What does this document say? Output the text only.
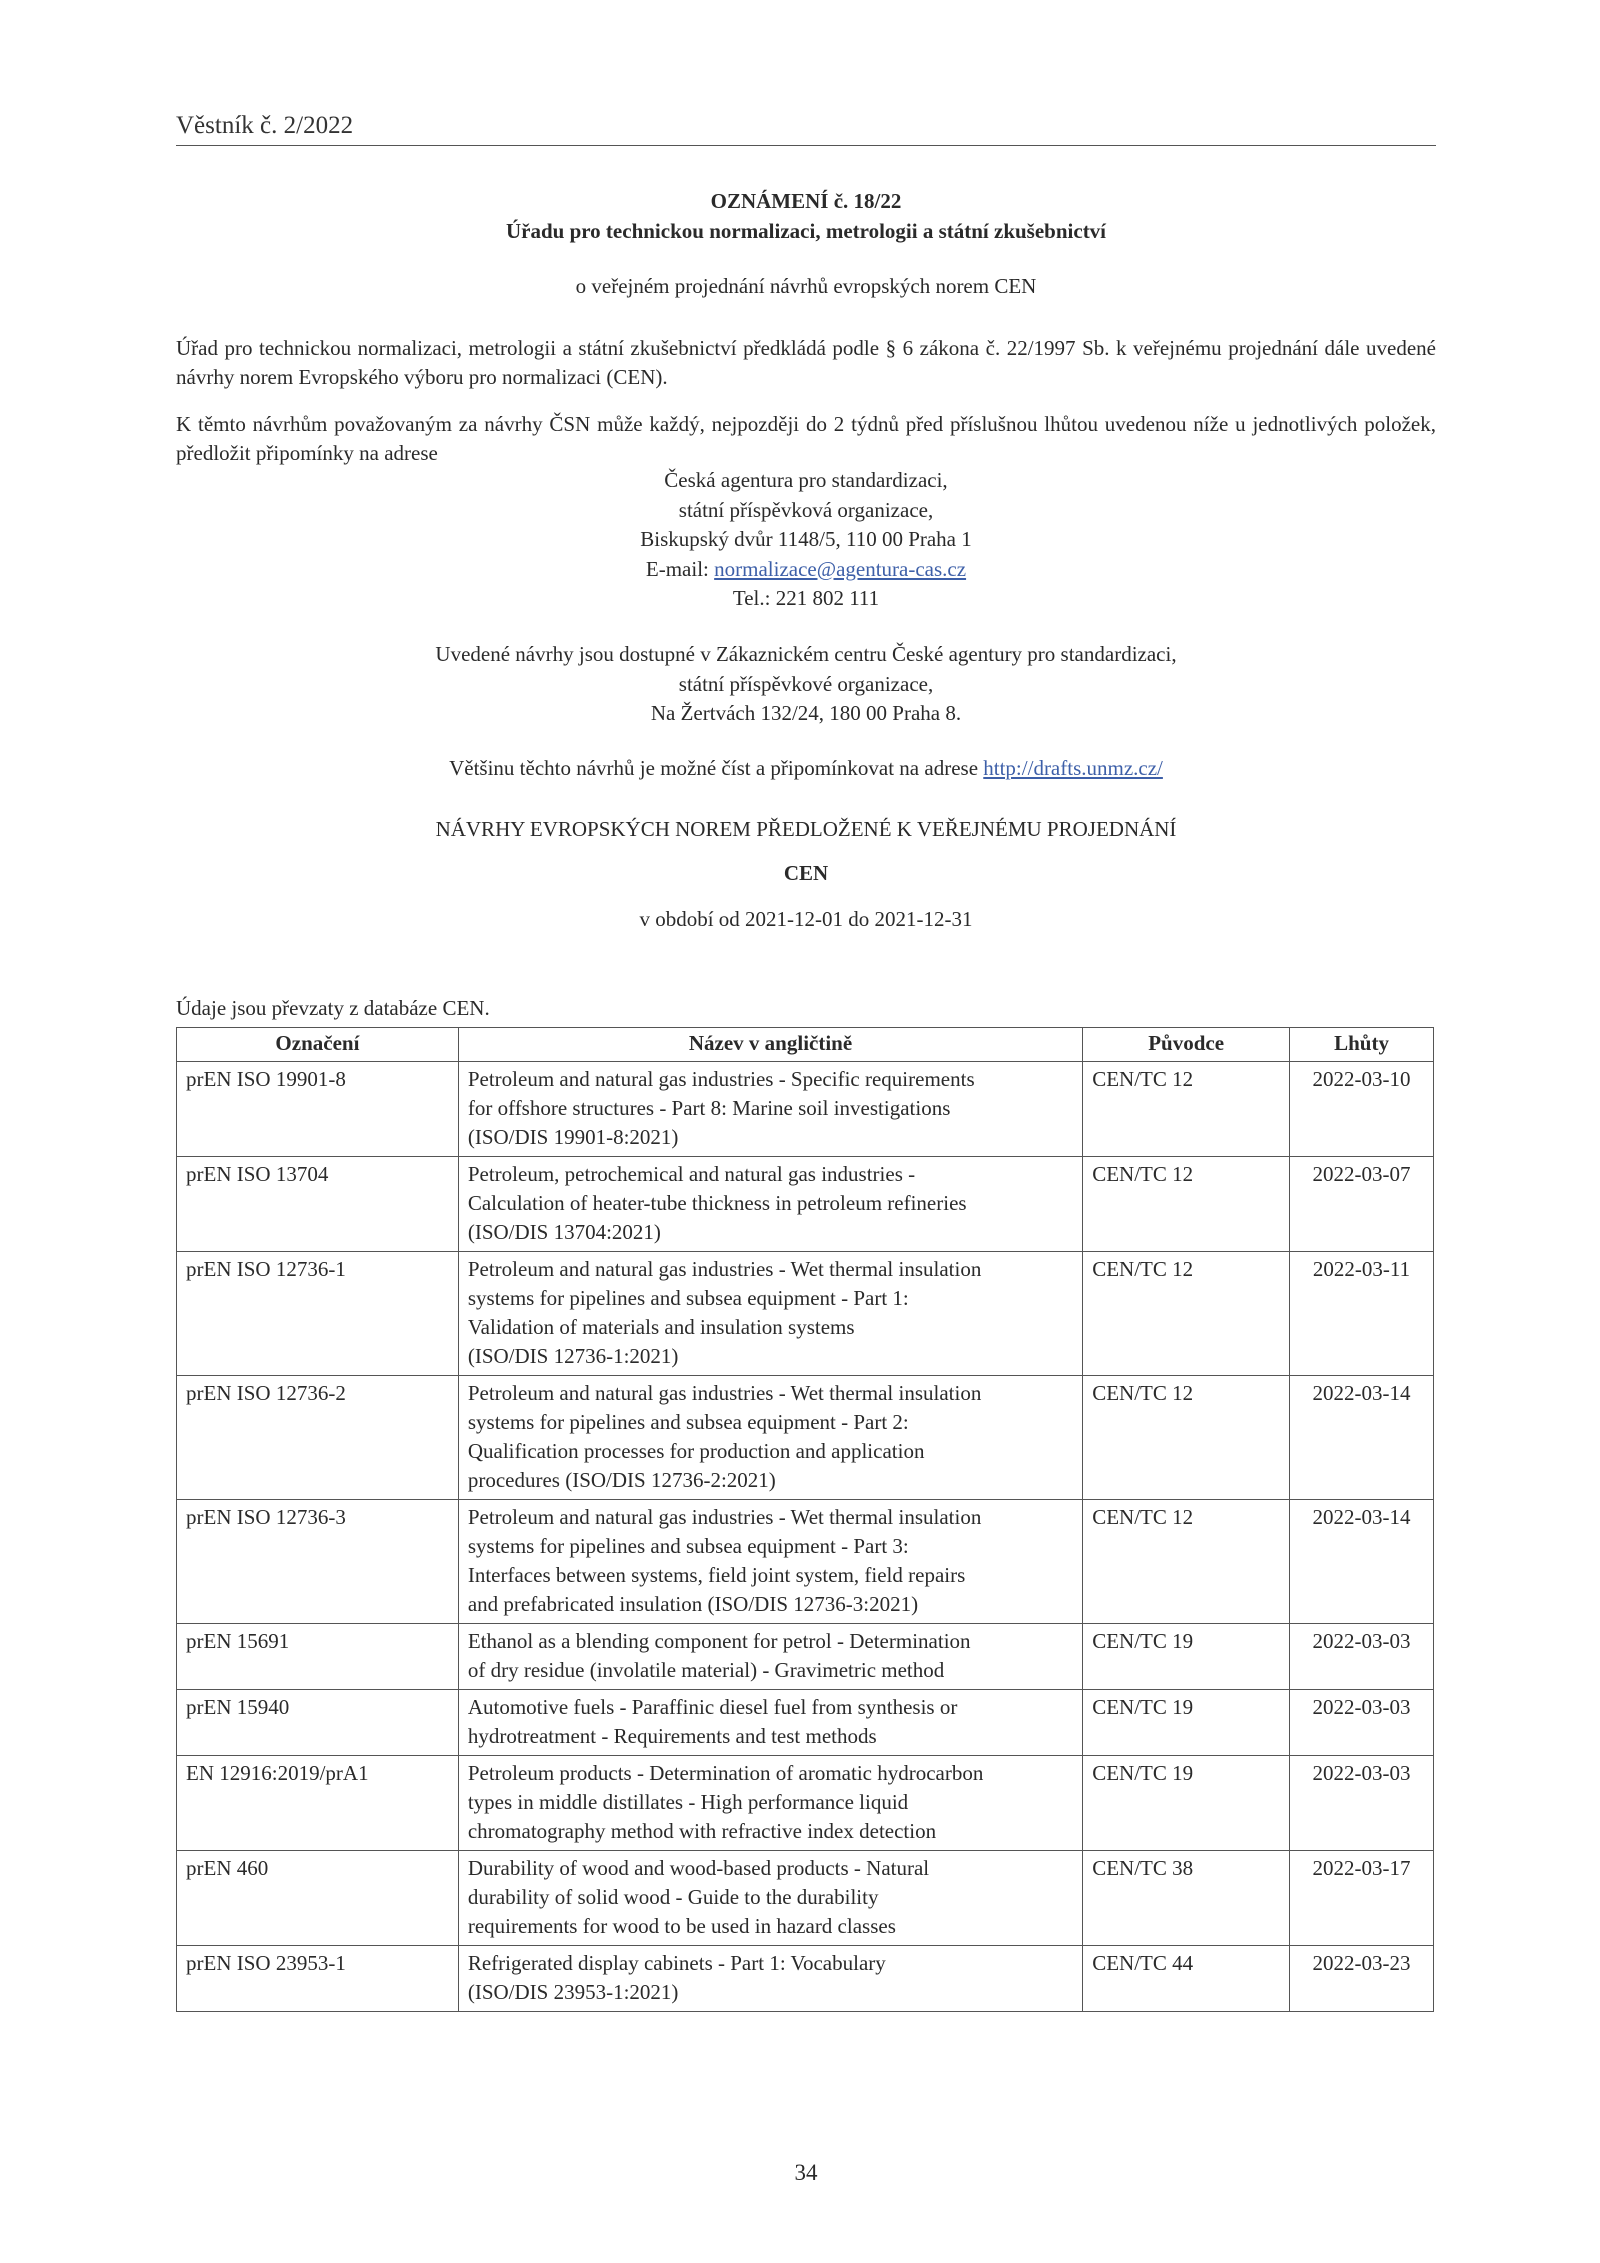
Věstník č. 2/2022
OZNÁMENÍ č. 18/22
Úřadu pro technickou normalizaci, metrologii a státní zkušebnictví
o veřejném projednání návrhů evropských norem CEN
Úřad pro technickou normalizaci, metrologii a státní zkušebnictví předkládá podle § 6 zákona č. 22/1997 Sb. k veřejnému projednání dále uvedené návrhy norem Evropského výboru pro normalizaci (CEN).
K těmto návrhům považovaným za návrhy ČSN může každý, nejpozději do 2 týdnů před příslušnou lhůtou uvedenou níže u jednotlivých položek, předložit připomínky na adrese
Česká agentura pro standardizaci,
státní příspěvková organizace,
Biskupský dvůr 1148/5, 110 00 Praha 1
E-mail: normalizace@agentura-cas.cz
Tel.: 221 802 111
Uvedené návrhy jsou dostupné v Zákaznickém centru České agentury pro standardizaci,
státní příspěvkové organizace,
Na Žertvách 132/24, 180 00 Praha 8.
Většinu těchto návrhů je možné číst a připomínkovat na adrese http://drafts.unmz.cz/
NÁVRHY EVROPSKÝCH NOREM PŘEDLOŽENÉ K VEŘEJNÉMU PROJEDNÁNÍ
CEN
v období od 2021-12-01 do 2021-12-31
Údaje jsou převzaty z databáze CEN.
Označení	Název v angličtině	Původce	Lhůty
prEN ISO 19901-8	Petroleum and natural gas industries - Specific requirements
for offshore structures - Part 8: Marine soil investigations
(ISO/DIS 19901-8:2021)	CEN/TC 12	2022-03-10
prEN ISO 13704	Petroleum, petrochemical and natural gas industries -
Calculation of heater-tube thickness in petroleum refineries
(ISO/DIS 13704:2021)	CEN/TC 12	2022-03-07
prEN ISO 12736-1	Petroleum and natural gas industries - Wet thermal insulation
systems for pipelines and subsea equipment - Part 1:
Validation of materials and insulation systems
(ISO/DIS 12736-1:2021)	CEN/TC 12	2022-03-11
prEN ISO 12736-2	Petroleum and natural gas industries - Wet thermal insulation
systems for pipelines and subsea equipment - Part 2:
Qualification processes for production and application
procedures (ISO/DIS 12736-2:2021)	CEN/TC 12	2022-03-14
prEN ISO 12736-3	Petroleum and natural gas industries - Wet thermal insulation
systems for pipelines and subsea equipment - Part 3:
Interfaces between systems, field joint system, field repairs
and prefabricated insulation (ISO/DIS 12736-3:2021)	CEN/TC 12	2022-03-14
prEN 15691	Ethanol as a blending component for petrol - Determination
of dry residue (involatile material) - Gravimetric method	CEN/TC 19	2022-03-03
prEN 15940	Automotive fuels - Paraffinic diesel fuel from synthesis or
hydrotreatment - Requirements and test methods	CEN/TC 19	2022-03-03
EN 12916:2019/prA1	Petroleum products - Determination of aromatic hydrocarbon
types in middle distillates - High performance liquid
chromatography method with refractive index detection	CEN/TC 19	2022-03-03
prEN 460	Durability of wood and wood-based products - Natural
durability of solid wood - Guide to the durability
requirements for wood to be used in hazard classes	CEN/TC 38	2022-03-17
prEN ISO 23953-1	Refrigerated display cabinets - Part 1: Vocabulary
(ISO/DIS 23953-1:2021)	CEN/TC 44	2022-03-23
34
